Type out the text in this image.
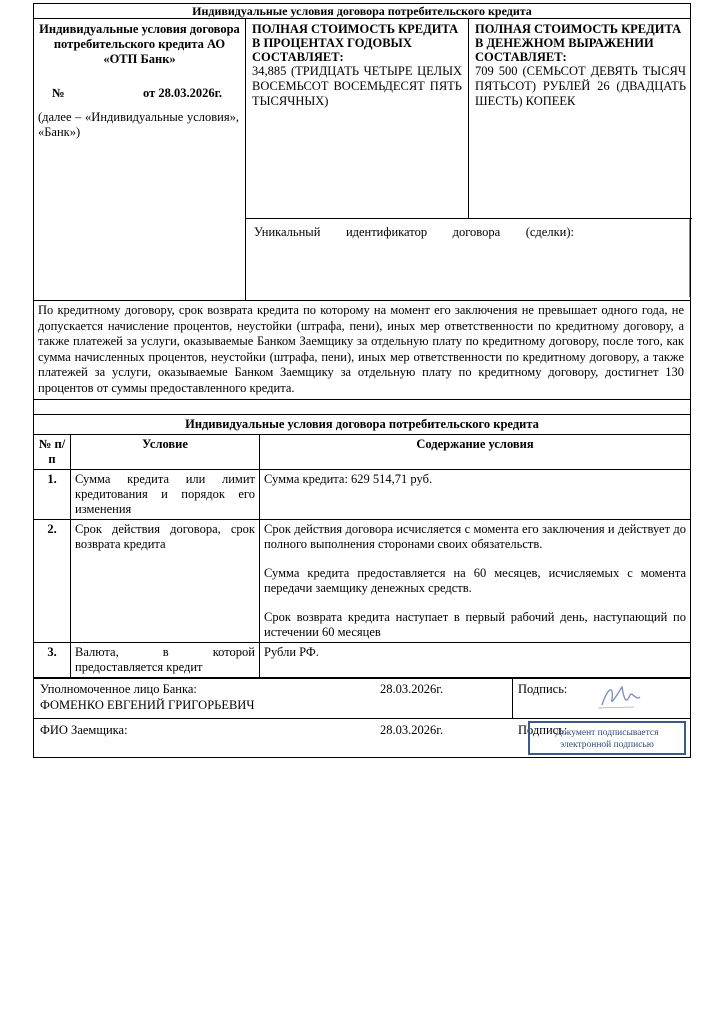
Индивидуальные условия договора потребительского кредита
Индивидуальные условия договора потребительского кредита АО «ОТП Банк»
№	от 28.03.2026г.
(далее – «Индивидуальные условия», «Банк»)
ПОЛНАЯ СТОИМОСТЬ КРЕДИТА В ПРОЦЕНТАХ ГОДОВЫХ СОСТАВЛЯЕТ:
34,885 (ТРИДЦАТЬ ЧЕТЫРЕ ЦЕЛЫХ ВОСЕМЬСОТ ВОСЕМЬДЕСЯТ ПЯТЬ ТЫСЯЧНЫХ)
ПОЛНАЯ СТОИМОСТЬ КРЕДИТА В ДЕНЕЖНОМ ВЫРАЖЕНИИ СОСТАВЛЯЕТ:
709 500 (СЕМЬСОТ ДЕВЯТЬ ТЫСЯЧ ПЯТЬСОТ) РУБЛЕЙ 26 (ДВАДЦАТЬ ШЕСТЬ) КОПЕЕК
Уникальный идентификатор договора (сделки):
По кредитному договору, срок возврата кредита по которому на момент его заключения не превышает одного года, не допускается начисление процентов, неустойки (штрафа, пени), иных мер ответственности по кредитному договору, а также платежей за услуги, оказываемые Банком Заемщику за отдельную плату по кредитному договору, после того, как сумма начисленных процентов, неустойки (штрафа, пени), иных мер ответственности по кредитному договору, а также платежей за услуги, оказываемые Банком Заемщику за отдельную плату по кредитному договору, достигнет 130 процентов от суммы предоставленного кредита.
Индивидуальные условия договора потребительского кредита		
№ п/п	Условие	Содержание условия
1.	Сумма кредита или лимит кредитования и порядок его изменения	Сумма кредита: 629 514,71 руб.

2.	Срок действия договора, срок возврата кредита	Срок действия договора исчисляется с момента его заключения и действует до полного выполнения сторонами своих обязательств.

Сумма кредита предоставляется на 60 месяцев, исчисляемых с момента передачи заемщику денежных средств.

Срок возврата кредита наступает в первый рабочий день, наступающий по истечении 60 месяцев

3.	Валюта, в которой предоставляется кредит	Рубли РФ.

Уполномоченное лицо Банка:
ФОМЕНКО ЕВГЕНИЙ ГРИГОРЬЕВИЧ
28.03.2026г.	Подпись:
ФИО Заемщика:	28.03.2026г.	Подпись:
Документ подписывается
электронной подписью
